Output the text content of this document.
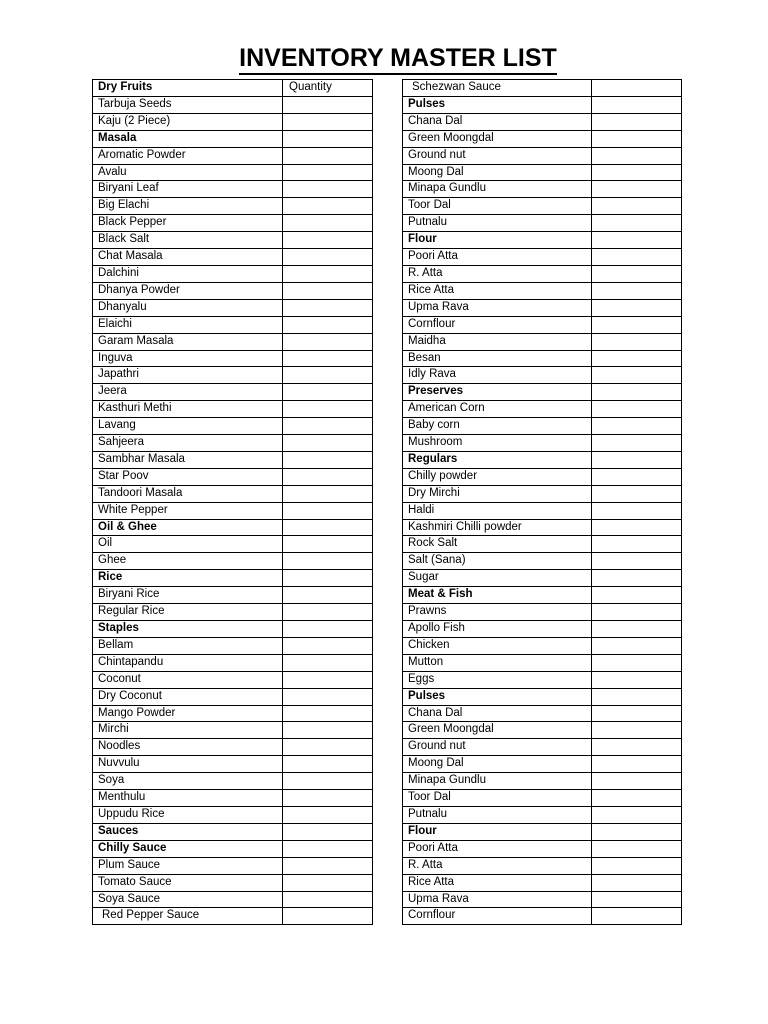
INVENTORY MASTER LIST
Dry Fruits	Quantity
Tarbuja Seeds	
Kaju (2 Piece)	
Masala	
Aromatic Powder	
Avalu	
Biryani Leaf	
Big Elachi	
Black Pepper	
Black Salt	
Chat Masala	
Dalchini	
Dhanya Powder	
Dhanyalu	
Elaichi	
Garam Masala	
Inguva	
Japathri	
Jeera	
Kasthuri Methi	
Lavang	
Sahjeera	
Sambhar Masala	
Star Poov	
Tandoori Masala	
White Pepper	
Oil & Ghee	
Oil	
Ghee	
Rice	
Biryani Rice	
Regular Rice	
Staples	
Bellam	
Chintapandu	
Coconut	
Dry Coconut	
Mango Powder	
Mirchi	
Noodles	
Nuvvulu	
Soya	
Menthulu	
Uppudu Rice	
Sauces	
Chilly Sauce	
Plum Sauce	
Tomato Sauce	
Soya Sauce	
Red Pepper Sauce	
Schezwan Sauce	
Pulses	
Chana Dal	
Green Moongdal	
Ground nut	
Moong Dal	
Minapa Gundlu	
Toor Dal	
Putnalu	
Flour	
Poori Atta	
R. Atta	
Rice Atta	
Upma Rava	
Cornflour	
Maidha	
Besan	
Idly Rava	
Preserves	
American Corn	
Baby corn	
Mushroom	
Regulars	
Chilly powder	
Dry Mirchi	
Haldi	
Kashmiri Chilli powder	
Rock Salt	
Salt (Sana)	
Sugar	
Meat & Fish	
Prawns	
Apollo Fish	
Chicken	
Mutton	
Eggs	
Pulses	
Chana Dal	
Green Moongdal	
Ground nut	
Moong Dal	
Minapa Gundlu	
Toor Dal	
Putnalu	
Flour	
Poori Atta	
R. Atta	
Rice Atta	
Upma Rava	
Cornflour	
